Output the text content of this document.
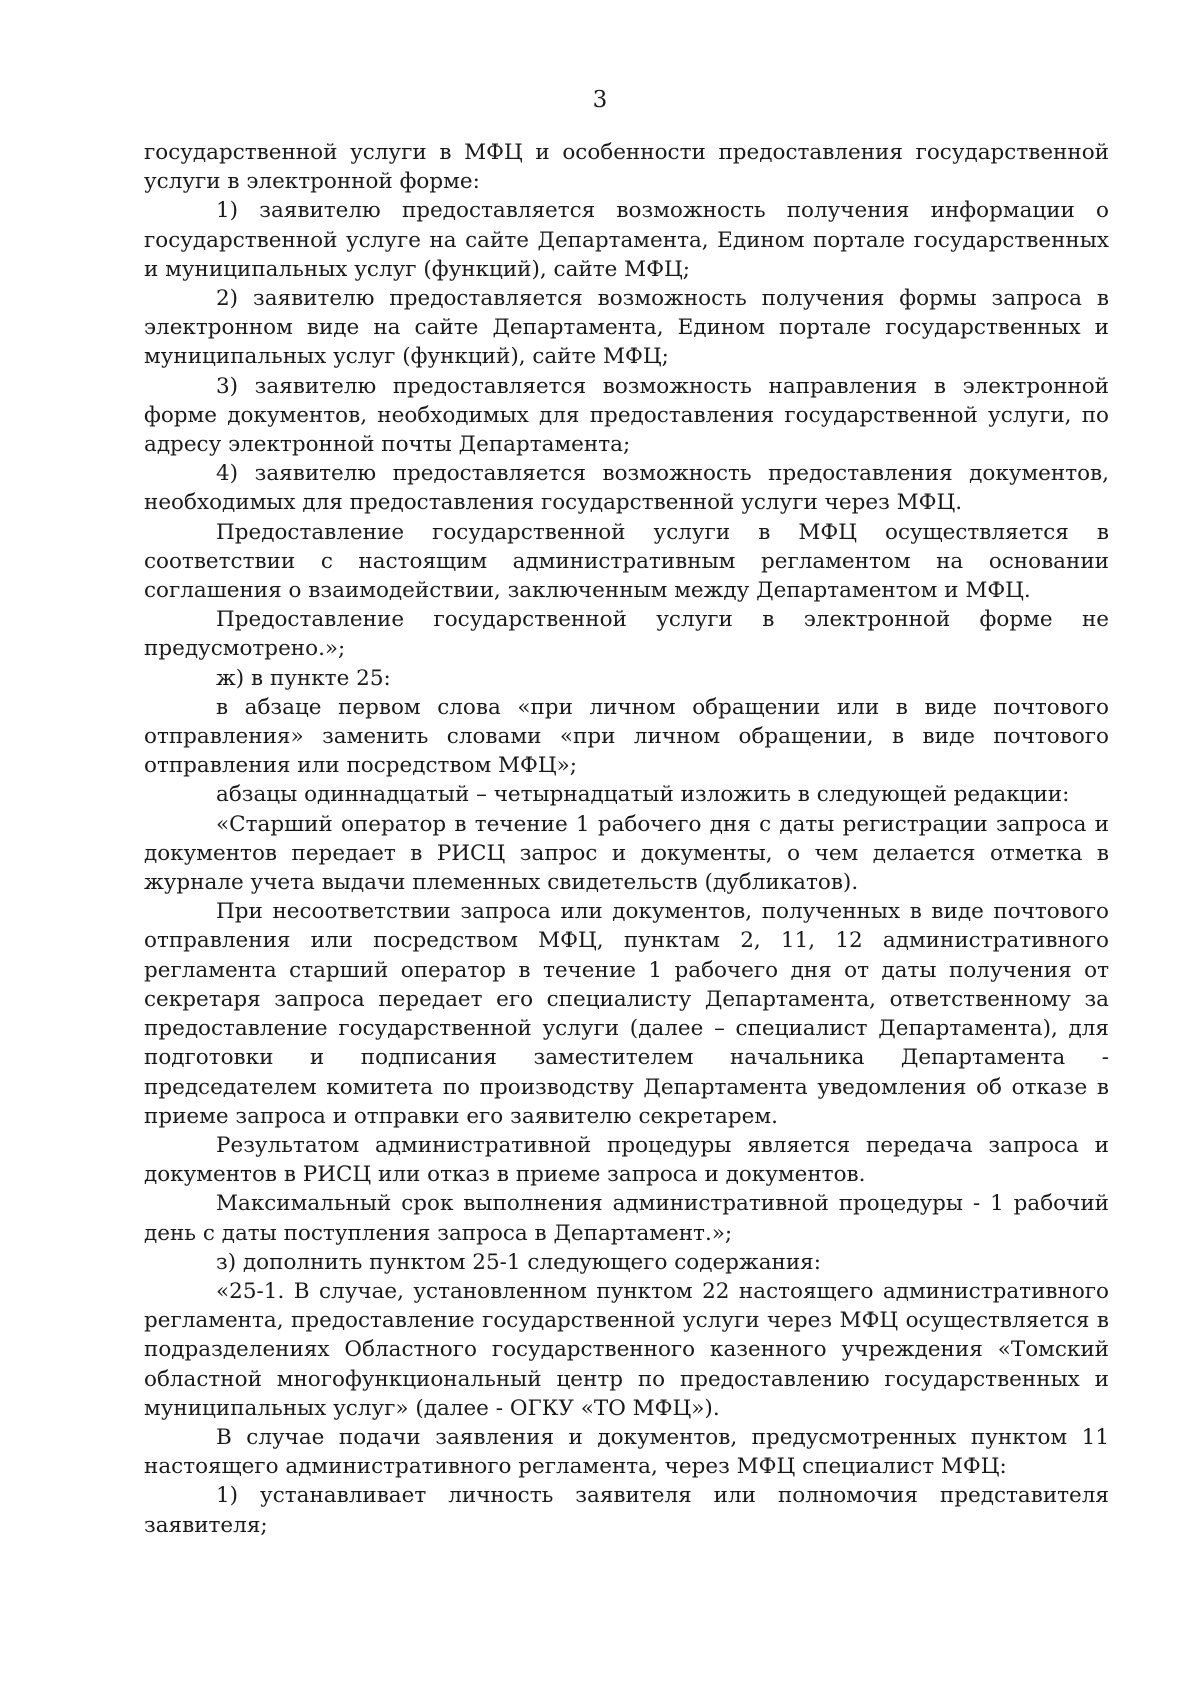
3

государственной услуги в МФЦ и особенности предоставления государственной услуги в электронной форме:

1) заявителю предоставляется возможность получения информации о государственной услуге на сайте Департамента, Едином портале государственных и муниципальных услуг (функций), сайте МФЦ;

2) заявителю предоставляется возможность получения формы запроса в электронном виде на сайте Департамента, Едином портале государственных и муниципальных услуг (функций), сайте МФЦ;

3) заявителю предоставляется возможность направления в электронной форме документов, необходимых для предоставления государственной услуги, по адресу электронной почты Департамента;

4) заявителю предоставляется возможность предоставления документов, необходимых для предоставления государственной услуги через МФЦ.

Предоставление государственной услуги в МФЦ осуществляется в соответствии с настоящим административным регламентом на основании соглашения о взаимодействии, заключенным между Департаментом и МФЦ.

Предоставление государственной услуги в электронной форме не предусмотрено.»;

ж) в пункте 25:

в абзаце первом слова «при личном обращении или в виде почтового отправления» заменить словами «при личном обращении, в виде почтового отправления или посредством МФЦ»;

абзацы одиннадцатый – четырнадцатый изложить в следующей редакции:

«Старший оператор в течение 1 рабочего дня с даты регистрации запроса и документов передает в РИСЦ запрос и документы, о чем делается отметка в журнале учета выдачи племенных свидетельств (дубликатов).

При несоответствии запроса или документов, полученных в виде почтового отправления или посредством МФЦ, пунктам 2, 11, 12 административного регламента старший оператор в течение 1 рабочего дня от даты получения от секретаря запроса передает его специалисту Департамента, ответственному за предоставление государственной услуги (далее – специалист Департамента), для подготовки и подписания заместителем начальника Департамента - председателем комитета по производству Департамента уведомления об отказе в приеме запроса и отправки его заявителю секретарем.

Результатом административной процедуры является передача запроса и документов в РИСЦ или отказ в приеме запроса и документов.

Максимальный срок выполнения административной процедуры - 1 рабочий день с даты поступления запроса в Департамент.»;

з) дополнить пунктом 25-1 следующего содержания:

«25-1. В случае, установленном пунктом 22 настоящего административного регламента, предоставление государственной услуги через МФЦ осуществляется в подразделениях Областного государственного казенного учреждения «Томский областной многофункциональный центр по предоставлению государственных и муниципальных услуг» (далее - ОГКУ «ТО МФЦ»).

В случае подачи заявления и документов, предусмотренных пунктом 11 настоящего административного регламента, через МФЦ специалист МФЦ:

1) устанавливает личность заявителя или полномочия представителя заявителя;
